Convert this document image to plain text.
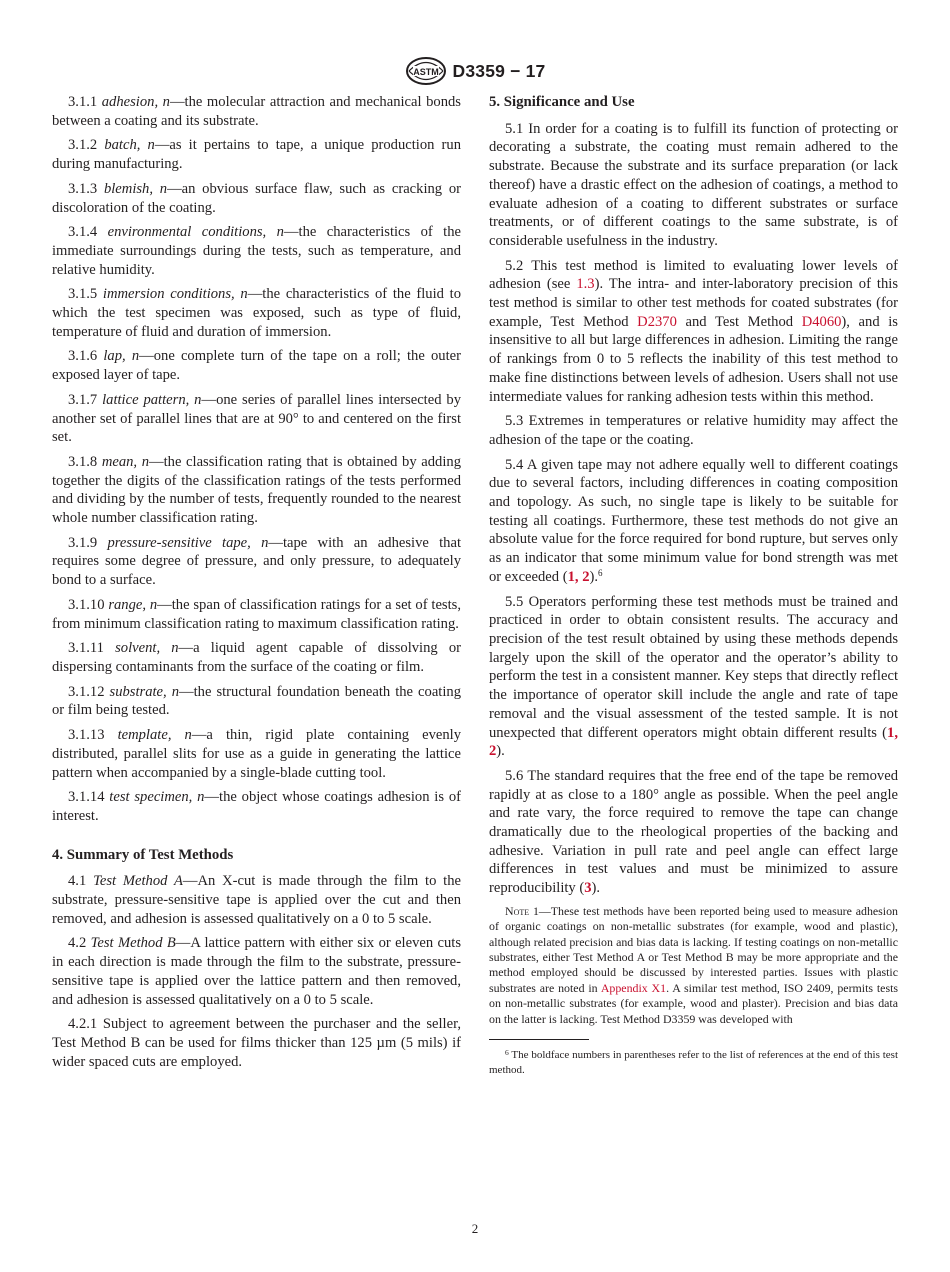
ASTM D3359 − 17

3.1.1 adhesion, n—the molecular attraction and mechanical bonds between a coating and its substrate.

3.1.2 batch, n—as it pertains to tape, a unique production run during manufacturing.

3.1.3 blemish, n—an obvious surface flaw, such as cracking or discoloration of the coating.

3.1.4 environmental conditions, n—the characteristics of the immediate surroundings during the tests, such as temperature, and relative humidity.

3.1.5 immersion conditions, n—the characteristics of the fluid to which the test specimen was exposed, such as type of fluid, temperature of fluid and duration of immersion.

3.1.6 lap, n—one complete turn of the tape on a roll; the outer exposed layer of tape.

3.1.7 lattice pattern, n—one series of parallel lines intersected by another set of parallel lines that are at 90° to and centered on the first set.

3.1.8 mean, n—the classification rating that is obtained by adding together the digits of the classification ratings of the tests performed and dividing by the number of tests, frequently rounded to the nearest whole number classification rating.

3.1.9 pressure-sensitive tape, n—tape with an adhesive that requires some degree of pressure, and only pressure, to adequately bond to a surface.

3.1.10 range, n—the span of classification ratings for a set of tests, from minimum classification rating to maximum classification rating.

3.1.11 solvent, n—a liquid agent capable of dissolving or dispersing contaminants from the surface of the coating or film.

3.1.12 substrate, n—the structural foundation beneath the coating or film being tested.

3.1.13 template, n—a thin, rigid plate containing evenly distributed, parallel slits for use as a guide in generating the lattice pattern when accompanied by a single-blade cutting tool.

3.1.14 test specimen, n—the object whose coatings adhesion is of interest.

4. Summary of Test Methods

4.1 Test Method A—An X-cut is made through the film to the substrate, pressure-sensitive tape is applied over the cut and then removed, and adhesion is assessed qualitatively on a 0 to 5 scale.

4.2 Test Method B—A lattice pattern with either six or eleven cuts in each direction is made through the film to the substrate, pressure-sensitive tape is applied over the lattice pattern and then removed, and adhesion is assessed qualitatively on a 0 to 5 scale.

4.2.1 Subject to agreement between the purchaser and the seller, Test Method B can be used for films thicker than 125 µm (5 mils) if wider spaced cuts are employed.

5. Significance and Use

5.1 In order for a coating is to fulfill its function of protecting or decorating a substrate, the coating must remain adhered to the substrate. Because the substrate and its surface preparation (or lack thereof) have a drastic effect on the adhesion of coatings, a method to evaluate adhesion of a coating to different substrates or surface treatments, or of different coatings to the same substrate, is of considerable usefulness in the industry.

5.2 This test method is limited to evaluating lower levels of adhesion (see 1.3). The intra- and inter-laboratory precision of this test method is similar to other test methods for coated substrates (for example, Test Method D2370 and Test Method D4060), and is insensitive to all but large differences in adhesion. Limiting the range of rankings from 0 to 5 reflects the inability of this test method to make fine distinctions between levels of adhesion. Users shall not use intermediate values for ranking adhesion tests within this method.

5.3 Extremes in temperatures or relative humidity may affect the adhesion of the tape or the coating.

5.4 A given tape may not adhere equally well to different coatings due to several factors, including differences in coating composition and topology. As such, no single tape is likely to be suitable for testing all coatings. Furthermore, these test methods do not give an absolute value for the force required for bond rupture, but serves only as an indicator that some minimum value for bond strength was met or exceeded (1, 2).$^6$

5.5 Operators performing these test methods must be trained and practiced in order to obtain consistent results. The accuracy and precision of the test result obtained by using these methods depends largely upon the skill of the operator and the operator’s ability to perform the test in a consistent manner. Key steps that directly reflect the importance of operator skill include the angle and rate of tape removal and the visual assessment of the tested sample. It is not unexpected that different operators might obtain different results (1, 2).

5.6 The standard requires that the free end of the tape be removed rapidly at as close to a 180° angle as possible. When the peel angle and rate vary, the force required to remove the tape can change dramatically due to the rheological properties of the backing and adhesive. Variation in pull rate and peel angle can effect large differences in test values and must be minimized to assure reproducibility (3).

Note 1—These test methods have been reported being used to measure adhesion of organic coatings on non-metallic substrates (for example, wood and plastic), although related precision and bias data is lacking. If testing coatings on non-metallic substrates, either Test Method A or Test Method B may be more appropriate and the method employed should be discussed by interested parties. Issues with plastic substrates are noted in Appendix X1. A similar test method, ISO 2409, permits tests on non-metallic substrates (for example, wood and plaster). Precision and bias data on the latter is lacking. Test Method D3359 was developed with

$^6$ The boldface numbers in parentheses refer to the list of references at the end of this test method.

2
